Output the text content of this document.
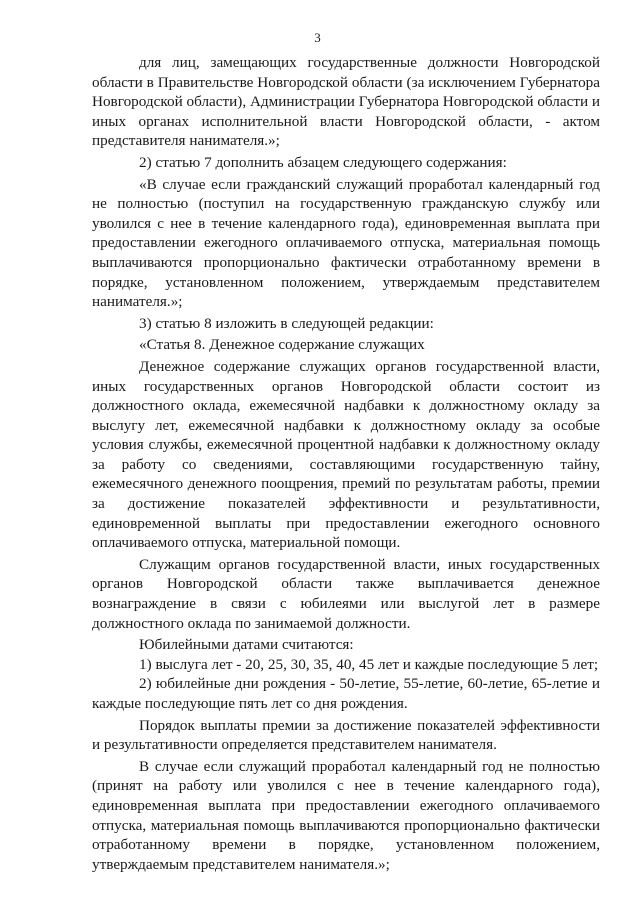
3

для лиц, замещающих государственные должности Новгородской области в Правительстве Новгородской области (за исключением Губернатора Новгородской области), Администрации Губернатора Новгородской области и иных органах исполнительной власти Новгородской области, - актом представителя нанимателя.»;

2) статью 7 дополнить абзацем следующего содержания:

«В случае если гражданский служащий проработал календарный год не полностью (поступил на государственную гражданскую службу или уволился с нее в течение календарного года), единовременная выплата при предоставлении ежегодного оплачиваемого отпуска, материальная помощь выплачиваются пропорционально фактически отработанному времени в порядке, установленном положением, утверждаемым представителем нанимателя.»;

3) статью 8 изложить в следующей редакции:

«Статья 8. Денежное содержание служащих

Денежное содержание служащих органов государственной власти, иных государственных органов Новгородской области состоит из должностного оклада, ежемесячной надбавки к должностному окладу за выслугу лет, ежемесячной надбавки к должностному окладу за особые условия службы, ежемесячной процентной надбавки к должностному окладу за работу со сведениями, составляющими государственную тайну, ежемесячного денежного поощрения, премий по результатам работы, премии за достижение показателей эффективности и результативности, единовременной выплаты при предоставлении ежегодного основного оплачиваемого отпуска, материальной помощи.

Служащим органов государственной власти, иных государственных органов Новгородской области также выплачивается денежное вознаграждение в связи с юбилеями или выслугой лет в размере должностного оклада по занимаемой должности.

Юбилейными датами считаются:

1) выслуга лет - 20, 25, 30, 35, 40, 45 лет и каждые последующие 5 лет;

2) юбилейные дни рождения - 50-летие, 55-летие, 60-летие, 65-летие и каждые последующие пять лет со дня рождения.

Порядок выплаты премии за достижение показателей эффективности и результативности определяется представителем нанимателя.

В случае если служащий проработал календарный год не полностью (принят на работу или уволился с нее в течение календарного года), единовременная выплата при предоставлении ежегодного оплачиваемого отпуска, материальная помощь выплачиваются пропорционально фактически отработанному времени в порядке, установленном положением, утверждаемым представителем нанимателя.»;
